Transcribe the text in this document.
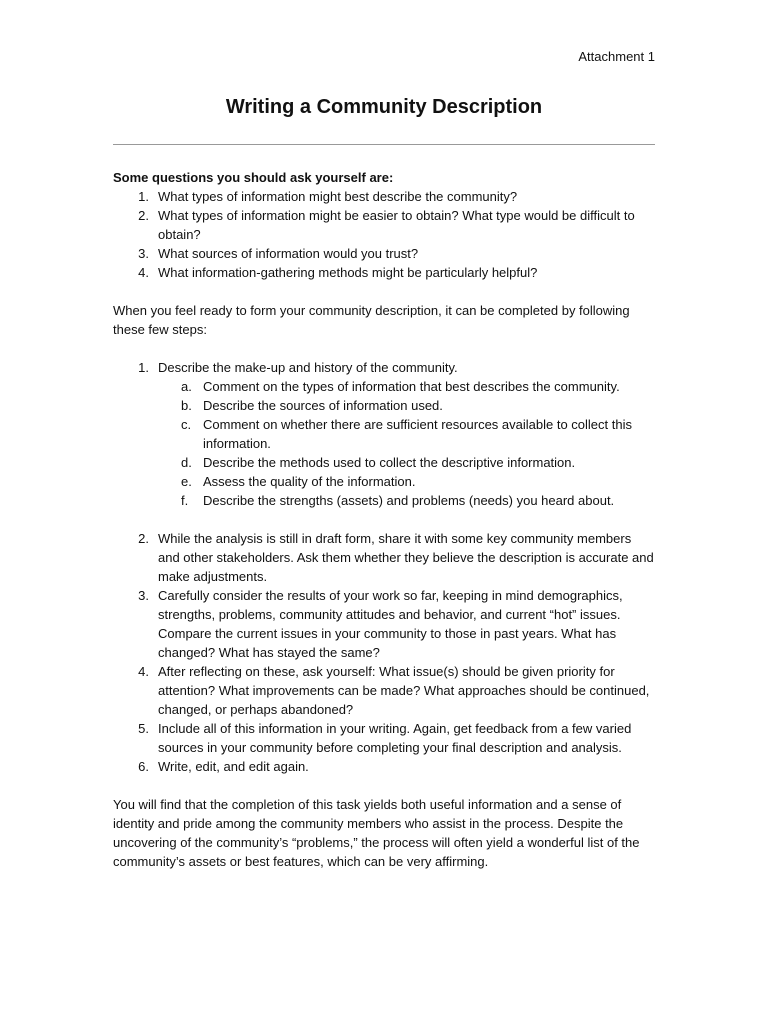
Attachment 1
Writing a Community Description

Some questions you should ask yourself are:

1. What types of information might best describe the community?
2. What types of information might be easier to obtain? What type would be difficult to obtain?
3. What sources of information would you trust?
4. What information-gathering methods might be particularly helpful?

When you feel ready to form your community description, it can be completed by following these few steps:

1. Describe the make-up and history of the community.
a. Comment on the types of information that best describes the community.
b. Describe the sources of information used.
c. Comment on whether there are sufficient resources available to collect this information.
d. Describe the methods used to collect the descriptive information.
e. Assess the quality of the information.
f.	Describe the strengths (assets) and problems (needs) you heard about.
2. While the analysis is still in draft form, share it with some key community members and other stakeholders. Ask them whether they believe the description is accurate and make adjustments.
3. Carefully consider the results of your work so far, keeping in mind demographics, strengths, problems, community attitudes and behavior, and current “hot” issues. Compare the current issues in your community to those in past years. What has changed? What has stayed the same?
4. After reflecting on these, ask yourself: What issue(s) should be given priority for attention? What improvements can be made? What approaches should be continued, changed, or perhaps abandoned?
5. Include all of this information in your writing. Again, get feedback from a few varied sources in your community before completing your final description and analysis.
6. Write, edit, and edit again.

You will find that the completion of this task yields both useful information and a sense of identity and pride among the community members who assist in the process. Despite the uncovering of the community’s “problems,” the process will often yield a wonderful list of the community’s assets or best features, which can be very affirming.
